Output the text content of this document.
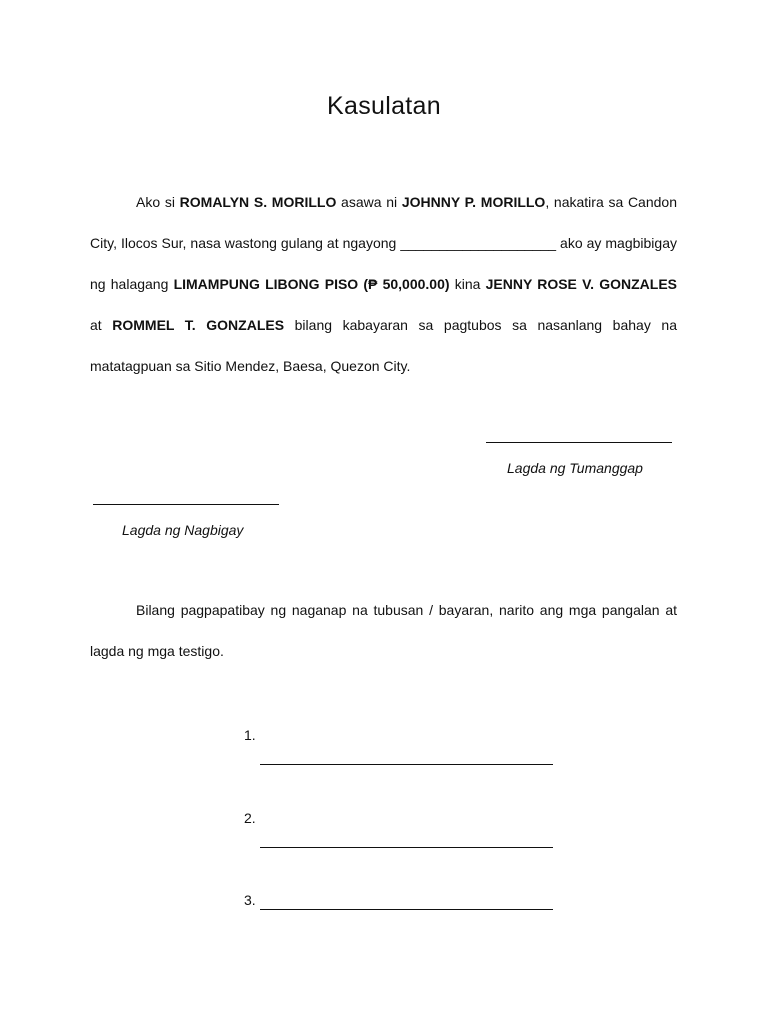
Kasulatan

Ako si ROMALYN S. MORILLO asawa ni JOHNNY P. MORILLO, nakatira sa Candon City, Ilocos Sur, nasa wastong gulang at ngayong ____________________ ako ay magbibigay ng halagang LIMAMPUNG LIBONG PISO (₱ 50,000.00) kina JENNY ROSE V. GONZALES at ROMMEL T. GONZALES bilang kabayaran sa pagtubos sa nasanlang bahay na matatagpuan sa Sitio Mendez, Baesa, Quezon City.

Lagda ng Tumanggap
Lagda ng Nagbigay

Bilang pagpapatibay ng naganap na tubusan / bayaran, narito ang mga pangalan at lagda ng mga testigo.

1.
2.
3.
